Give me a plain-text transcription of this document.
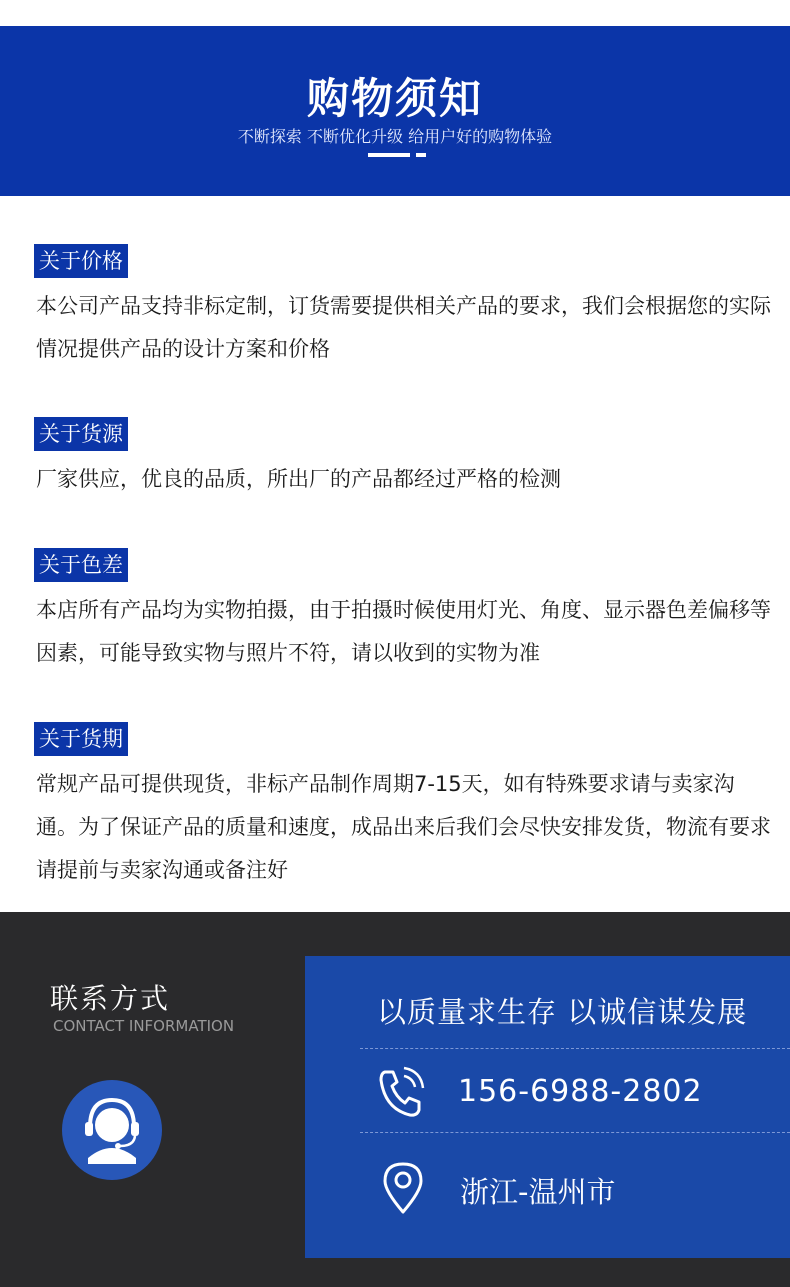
购物须知
不断探索 不断优化升级 给用户好的购物体验
关于价格
本公司产品支持非标定制，订货需要提供相关产品的要求，我们会根据您的实际情况提供产品的设计方案和价格
关于货源
厂家供应，优良的品质，所出厂的产品都经过严格的检测
关于色差
本店所有产品均为实物拍摄，由于拍摄时候使用灯光、角度、显示器色差偏移等因素，可能导致实物与照片不符，请以收到的实物为准
关于货期
常规产品可提供现货，非标产品制作周期7-15天，如有特殊要求请与卖家沟通。为了保证产品的质量和速度，成品出来后我们会尽快安排发货，物流有要求请提前与卖家沟通或备注好
联系方式
CONTACT INFORMATION	以质量求生存 以诚信谋发展
156-6988-2802
浙江-温州市
